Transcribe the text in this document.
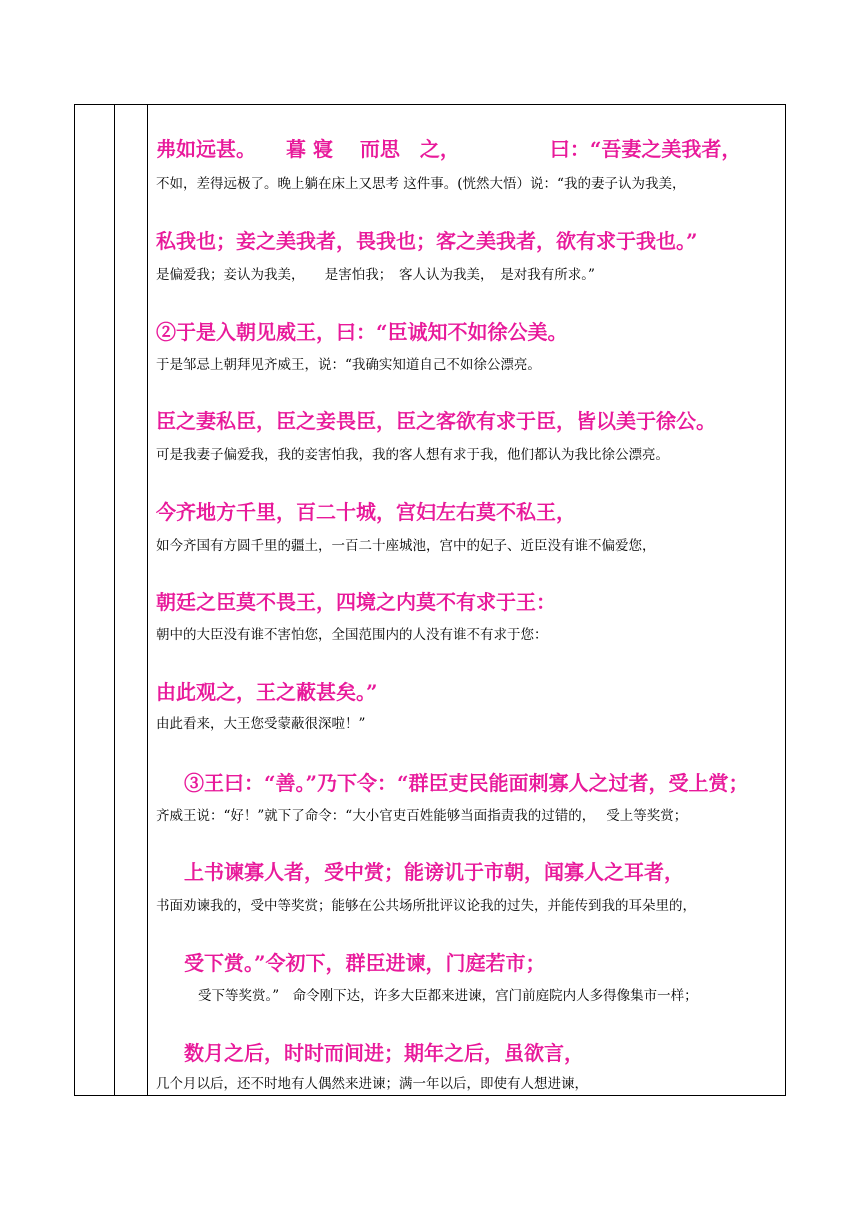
弗如远甚。　　暮 寝　 而思　之，　　　　　曰：“吾妻之美我者，

不如，差得远极了。晚上躺在床上又思考 这件事。(恍然大悟）说：“我的妻子认为我美，

私我也；妾之美我者，畏我也；客之美我者，欲有求于我也。”

是偏爱我；妾认为我美，　　是害怕我；　客人认为我美，　是对我有所求。”

②于是入朝见威王，曰：“臣诚知不如徐公美。

于是邹忌上朝拜见齐威王，说：“我确实知道自己不如徐公漂亮。

臣之妻私臣，臣之妾畏臣，臣之客欲有求于臣，皆以美于徐公。

可是我妻子偏爱我，我的妾害怕我，我的客人想有求于我，他们都认为我比徐公漂亮。

今齐地方千里，百二十城，宫妇左右莫不私王，

如今齐国有方圆千里的疆土，一百二十座城池，宫中的妃子、近臣没有谁不偏爱您，

朝廷之臣莫不畏王，四境之内莫不有求于王：

朝中的大臣没有谁不害怕您，全国范围内的人没有谁不有求于您：

由此观之，王之蔽甚矣。”

由此看来，大王您受蒙蔽很深啦！”

③王曰：“善。”乃下令：“群臣吏民能面刺寡人之过者，受上赏；

齐威王说：“好！”就下了命令：“大小官吏百姓能够当面指责我的过错的，　 受上等奖赏；

上书谏寡人者，受中赏；能谤讥于市朝，闻寡人之耳者，

书面劝谏我的，受中等奖赏；能够在公共场所批评议论我的过失，并能传到我的耳朵里的，

受下赏。”令初下，群臣进谏，门庭若市；

受下等奖赏。”　命令刚下达，许多大臣都来进谏，宫门前庭院内人多得像集市一样；

数月之后，时时而间进；期年之后，虽欲言，

几个月以后，还不时地有人偶然来进谏；满一年以后，即使有人想进谏，
